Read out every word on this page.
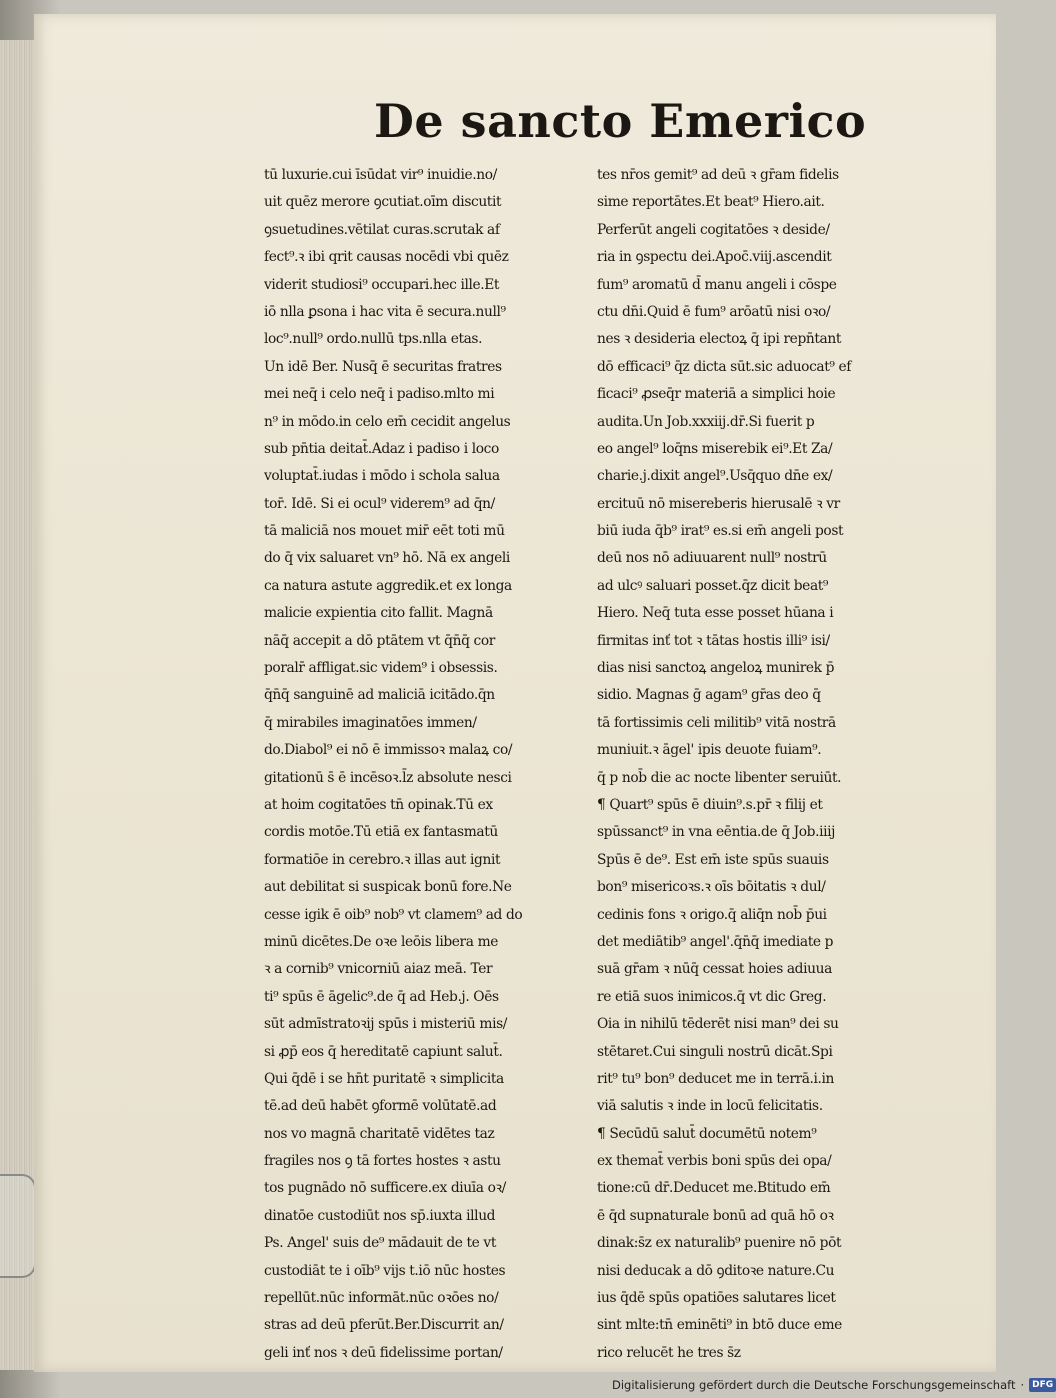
De sancto Emerico
tū luxurie.cui īsūdat vir⁹ inuidie.no/
uit quēz merore ꝯcutiat.oīm discutit
ꝯsuetudines.vētilat curas.scrutak af
fect⁹.ꝛ ibi qrit causas nocēdi vbi quēz
viderit studiosi⁹ occupari.hec ille.Et
iō nlla ꝑsona i hac vita ē secura.null⁹
loc⁹.null⁹ ordo.nullū tps.nlla etas.
Un idē Ber. Nusq̄ ē securitas fratres
mei neq̄ i celo neq̄ i padiso.mlto mi
n⁹ in mōdo.in celo em̄ cecidit angelus
sub pn̄tia deitat̄.Adaz i padiso i loco
voluptat̄.iudas i mōdo i schola salua
tor̄. Idē. Si ei ocul⁹ viderem⁹ ad q̄n/
tā maliciā nos mouet mir̄ eēt toti mū
do q̄ vix saluaret vn⁹ hō. Nā ex angeli
ca natura astute aggredik.et ex longa
malicie expientia cito fallit. Magnā
nāq̄ accepit a dō ptātem vt q̄n̄q̄ cor
poralr̄ affligat.sic videm⁹ i obsessis.
q̄n̄q̄ sanguinē ad maliciā icitādo.q̄n
q̄ mirabiles imaginatōes immen/
do.Diabol⁹ ei nō ē immissoꝛ malaꝝ co/
gitationū s̄ ē incēsoꝛ.l̄z absolute nesci
at hoim cogitatōes tn̄ opinak.Tū ex
cordis motōe.Tū etiā ex fantasmatū
formatiōe in cerebro.ꝛ illas aut ignit
aut debilitat si suspicak bonū fore.Ne
cesse igik ē oib⁹ nob⁹ vt clamem⁹ ad do
minū dicētes.De oꝛe leōis libera me
ꝛ a cornib⁹ vnicorniū aiaz meā. Ter
ti⁹ spūs ē āgelic⁹.de q̄ ad Heb.j. Oēs
sūt admīstratoꝛij spūs i misteriū mis/
si ꝓp̄ eos q̄ hereditatē capiunt salut̄.
Qui q̄dē i se hn̄t puritatē ꝛ simplicita
tē.ad deū habēt ꝯformē volūtatē.ad
nos vo magnā charitatē vidētes taz
fragiles nos ꝯ tā fortes hostes ꝛ astu
tos pugnādo nō sufficere.ex diuīa oꝛ/
dinatōe custodiūt nos sp̄.iuxta illud
Ps. Angel' suis de⁹ mādauit de te vt
custodiāt te i oīb⁹ vijs t.iō nūc hostes
repellūt.nūc informāt.nūc oꝛōes no/
stras ad deū pferūt.Ber.Discurrit an/
geli inť nos ꝛ deū fidelissime portan/
tes nr̄os gemit⁹ ad deū ꝛ gr̄am fidelis
sime reportātes.Et beat⁹ Hiero.ait.
Perferūt angeli cogitatōes ꝛ deside/
ria in ꝯspectu dei.Apoc̄.viij.ascendit
fum⁹ aromatū d̄ manu angeli i cōspe
ctu dn̄i.Quid ē fum⁹ arōatū nisi oꝛo/
nes ꝛ desideria electoꝝ q̄ ipi repn̄tant
dō efficaci⁹ q̄z dicta sūt.sic aduocat⁹ ef
ficaci⁹ ꝓseq̄r materiā a simplici hoie
audita.Un Job.xxxiij.dr̄.Si fuerit p
eo angel⁹ loq̄ns miserebik ei⁹.Et Za/
charie.j.dixit angel⁹.Usq̄quo dn̄e ex/
ercituū nō misereberis hierusalē ꝛ vr
biū iuda q̄b⁹ irat⁹ es.si em̄ angeli post
deū nos nō adiuuarent null⁹ nostrū
ad ulcꝰ saluari posset.q̄z dicit beat⁹
Hiero. Neq̄ tuta esse posset hūana i
firmitas inť tot ꝛ tātas hostis illi⁹ isi/
dias nisi sanctoꝝ angeloꝝ munirek p̄
sidio. Magnas ḡ agam⁹ gr̄as deo q̄
tā fortissimis celi militib⁹ vitā nostrā
muniuit.ꝛ āgel' ipis deuote fuiam⁹.
q̄ p nob̄ die ac nocte libenter seruiūt.
¶ Quart⁹ spūs ē diuin⁹.s.pr̄ ꝛ filij et
spūssanct⁹ in vna eēntia.de q̄ Job.iiij
Spūs ē de⁹. Est em̄ iste spūs suauis
bon⁹ misericoꝛs.ꝛ oīs bōitatis ꝛ dul/
cedinis fons ꝛ origo.q̄ aliq̄n nob̄ p̄ui
det mediātib⁹ angel'.q̄n̄q̄ imediate p
suā gr̄am ꝛ nūq̄ cessat hoies adiuua
re etiā suos inimicos.q̄ vt dic Greg.
Oia in nihilū tēderēt nisi man⁹ dei su
stētaret.Cui singuli nostrū dicāt.Spi
rit⁹ tu⁹ bon⁹ deducet me in terrā.i.in
viā salutis ꝛ inde in locū felicitatis.
¶ Secūdū salut̄ documētū notem⁹
ex themat̄ verbis boni spūs dei opa/
tione:cū dr̄.Deducet me.Btitudo em̄
ē q̄d supnaturale bonū ad quā hō oꝛ
dinak:s̄z ex naturalib⁹ puenire nō pōt
nisi deducak a dō ꝯditoꝛe nature.Cu
ius q̄dē spūs opatiōes salutares licet
sint mlte:tn̄ eminēti⁹ in btō duce eme
rico relucēt he tres s̄z
Digitalisierung gefördert durch die Deutsche Forschungsgemeinschaft · DFG
